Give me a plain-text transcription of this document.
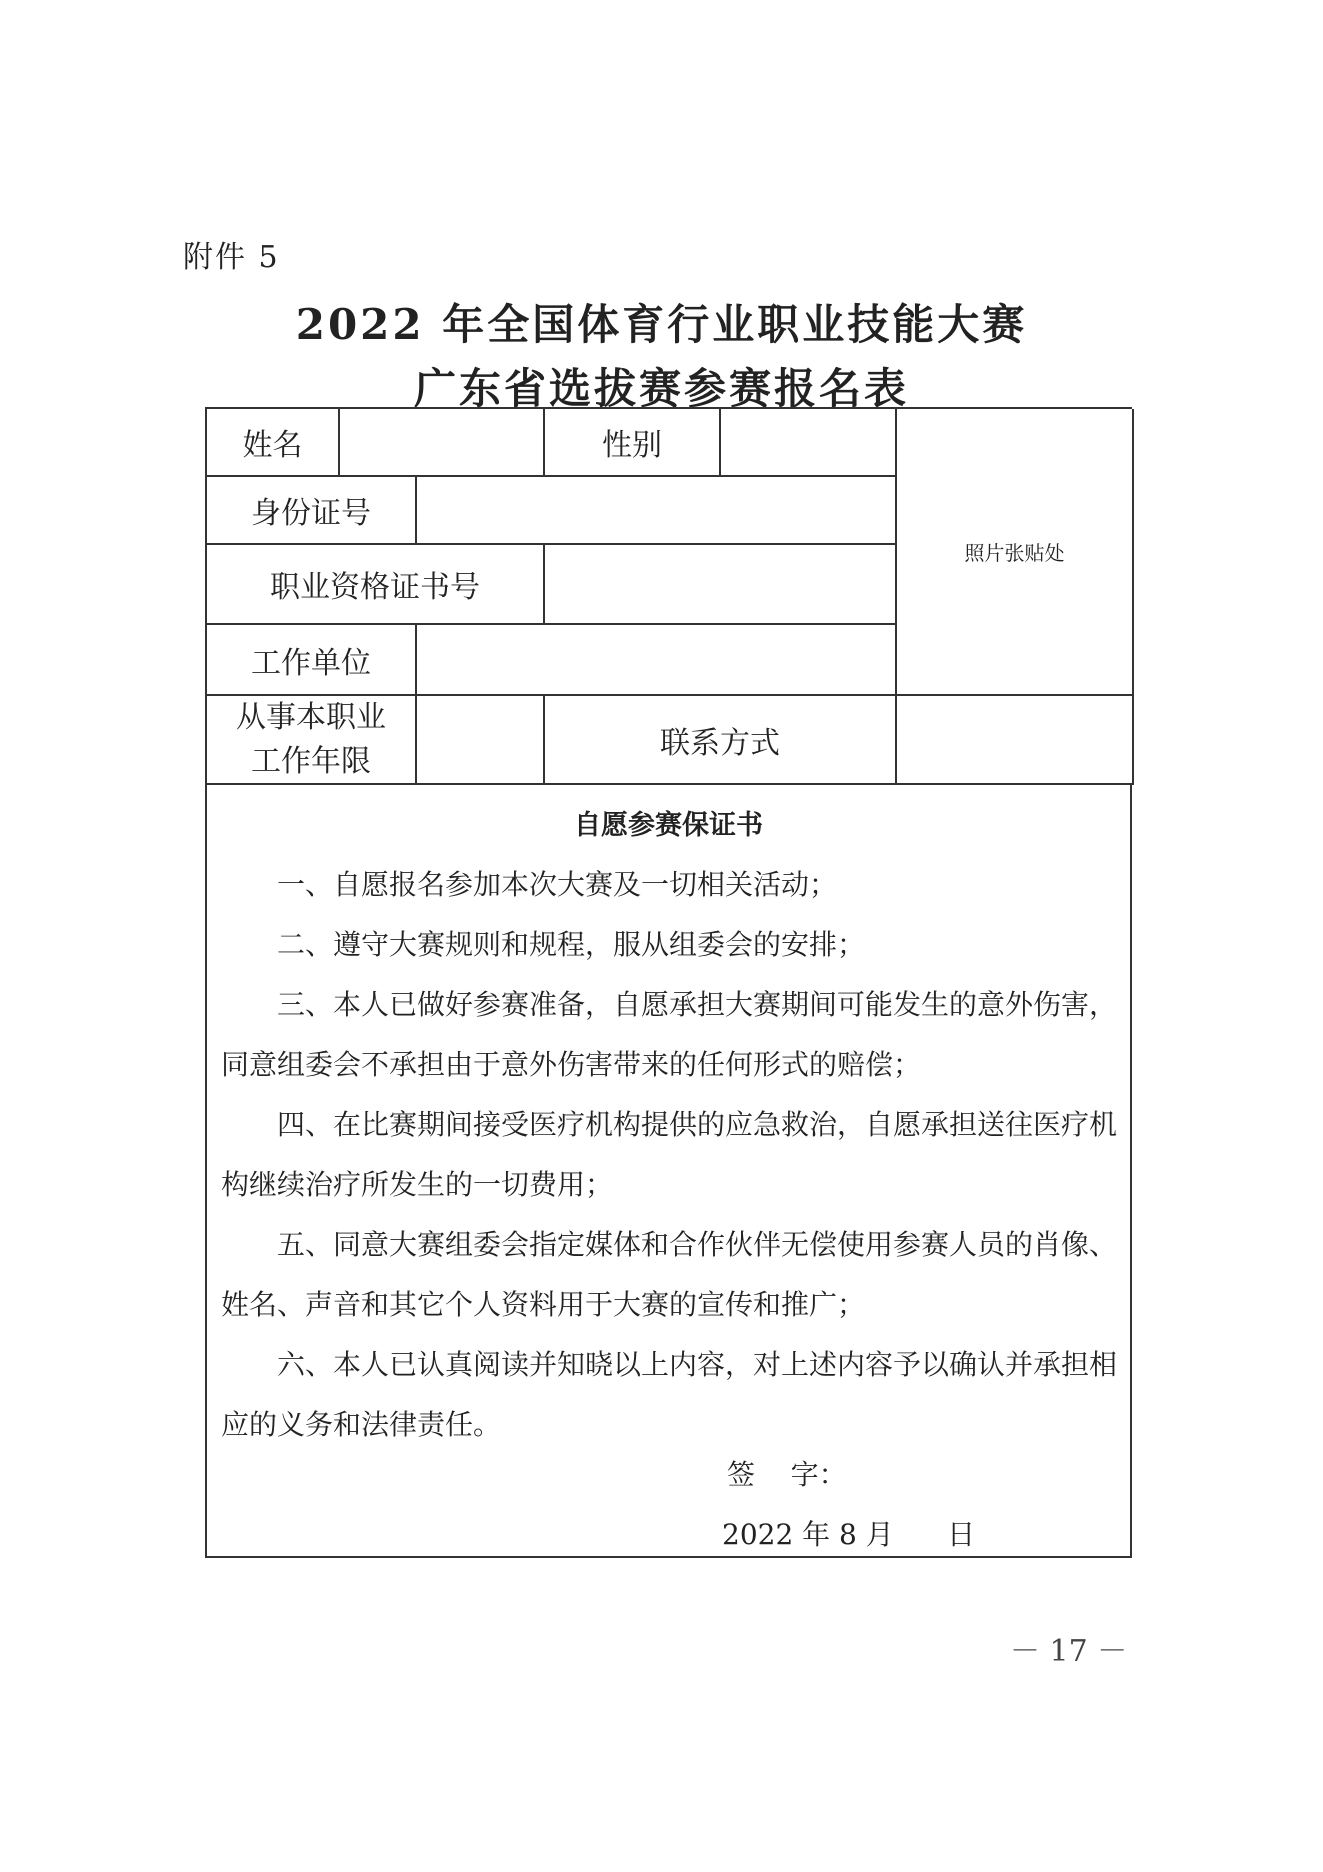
附件 5
2022 年全国体育行业职业技能大赛
广东省选拔赛参赛报名表
姓名	性别
照片张贴处
身份证号
职业资格证书号
工作单位
从事本职业
工作年限
联系方式
自愿参赛保证书

一、自愿报名参加本次大赛及一切相关活动；

二、遵守大赛规则和规程，服从组委会的安排；

三、本人已做好参赛准备，自愿承担大赛期间可能发生的意外伤害，同意组委会不承担由于意外伤害带来的任何形式的赔偿；

四、在比赛期间接受医疗机构提供的应急救治，自愿承担送往医疗机构继续治疗所发生的一切费用；

五、同意大赛组委会指定媒体和合作伙伴无偿使用参赛人员的肖像、姓名、声音和其它个人资料用于大赛的宣传和推广；

六、本人已认真阅读并知晓以上内容，对上述内容予以确认并承担相应的义务和法律责任。

签    字：
2022 年 8 月      日
－ 17 －
